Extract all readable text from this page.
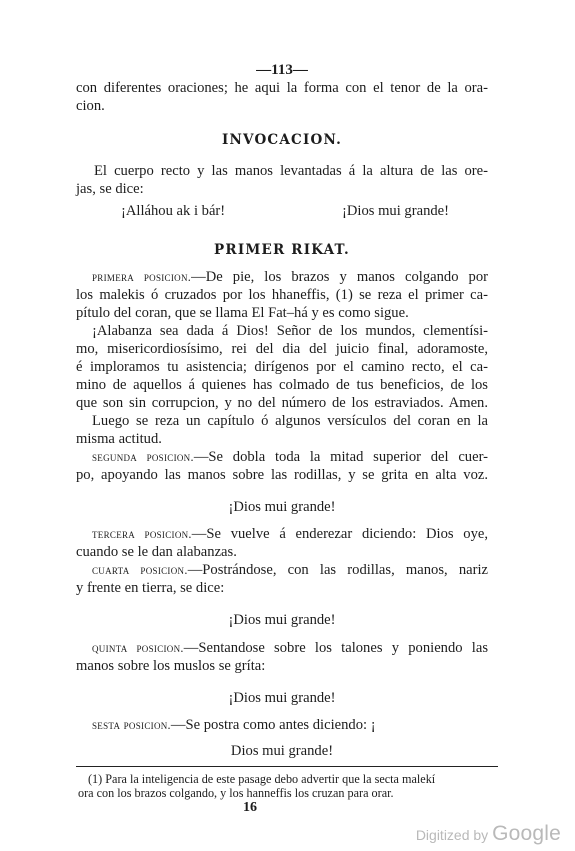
—113—
con diferentes oraciones; he aqui la forma con el tenor de la ora-
cion.
INVOCACION.
El cuerpo recto y las manos levantadas á la altura de las ore-
jas, se dice:
¡Alláhou ak i bár!	¡Dios mui grande!
PRIMER RIKAT.
primera posicion.—De pie, los brazos y manos colgando por
los malekis ó cruzados por los hhaneffis, (1) se reza el primer ca-
pítulo del coran, que se llama El Fat–há y es como sigue.
¡Alabanza sea dada á Dios! Señor de los mundos, clementísi-
mo, misericordiosísimo, rei del dia del juicio final, adoramoste,
é imploramos tu asistencia; dirígenos por el camino recto, el ca-
mino de aquellos á quienes has colmado de tus beneficios, de los
que son sin corrupcion, y no del número de los estraviados. Amen.
Luego se reza un capítulo ó algunos versículos del coran en la
misma actitud.
segunda posicion.—Se dobla toda la mitad superior del cuer-
po, apoyando las manos sobre las rodillas, y se grita en alta voz.
¡Dios mui grande!
tercera posicion.—Se vuelve á enderezar diciendo: Dios oye,
cuando se le dan alabanzas.
cuarta posicion.—Postrándose, con las rodillas, manos, nariz
y frente en tierra, se dice:
¡Dios mui grande!
quinta posicion.—Sentandose sobre los talones y poniendo las
manos sobre los muslos se gríta:
¡Dios mui grande!
sesta posicion.—Se postra como antes diciendo: ¡
Dios mui grande!
(1) Para la inteligencia de este pasage debo advertir que la secta malekí
ora con los brazos colgando, y los hanneffis los cruzan para orar.
16
Digitized by Google
